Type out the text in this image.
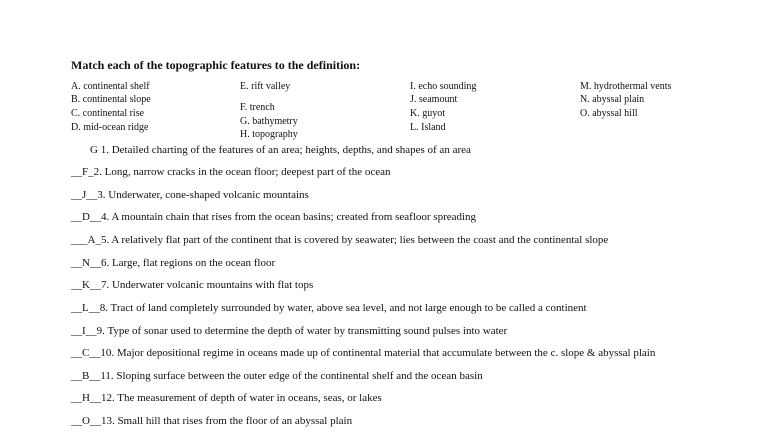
Match each of the topographic features to the definition:
A. continental shelf
B. continental slope
C. continental rise
D. mid-ocean ridge
E. rift valley
F. trench
G. bathymetry
H. topography
I. echo sounding
J. seamount
K. guyot
L. Island
M. hydrothermal vents
N. abyssal plain
O. abyssal hill
G 1. Detailed charting of the features of an area; heights, depths, and shapes of an area
__F_2. Long, narrow cracks in the ocean floor; deepest part of the ocean
__J__3. Underwater, cone-shaped volcanic mountains
__D__4. A mountain chain that rises from the ocean basins; created from seafloor spreading
___A_5. A relatively flat part of the continent that is covered by seawater; lies between the coast and the continental slope
__N__6. Large, flat regions on the ocean floor
__K__7. Underwater volcanic mountains with flat tops
__L__8. Tract of land completely surrounded by water, above sea level, and not large enough to be called a continent
__I__9. Type of sonar used to determine the depth of water by transmitting sound pulses into water
__C__10. Major depositional regime in oceans made up of continental material that accumulate between the c. slope & abyssal plain
__B__11. Sloping surface between the outer edge of the continental shelf and the ocean basin
__H__12. The measurement of depth of water in oceans, seas, or lakes
__O__13. Small hill that rises from the floor of an abyssal plain
